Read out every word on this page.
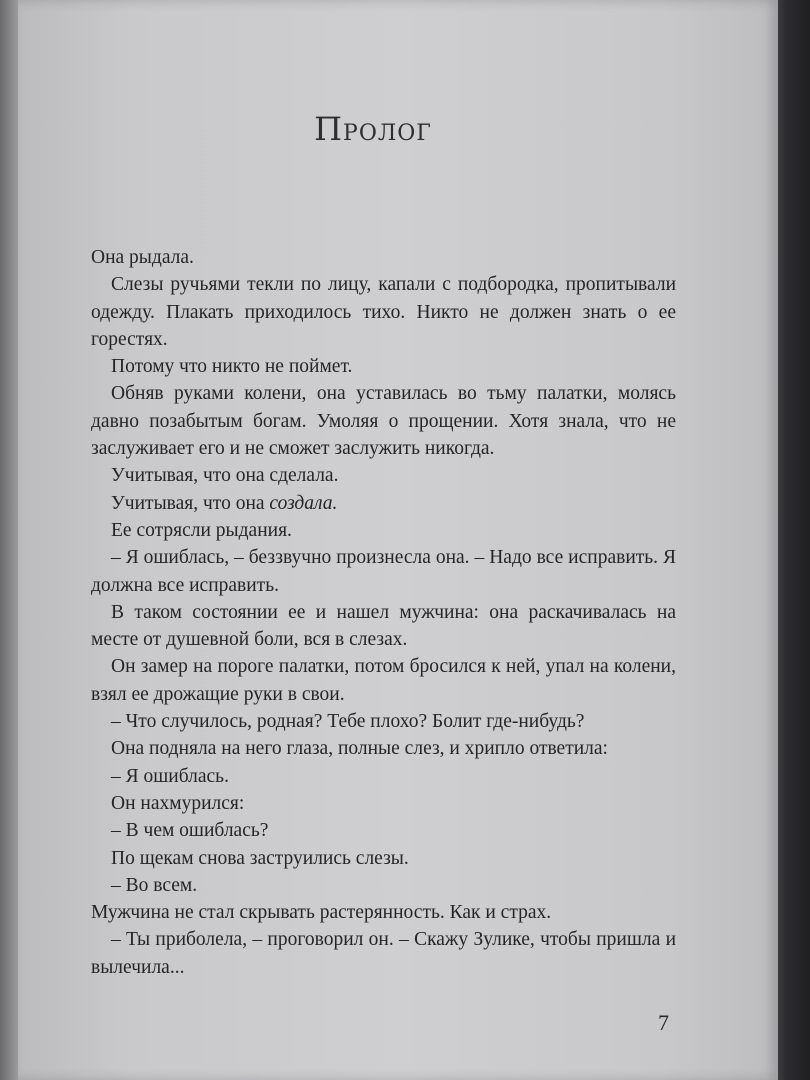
Пролог

Она рыдала.

Слезы ручьями текли по лицу, капали с подбородка, пропитывали одежду. Плакать приходилось тихо. Никто не должен знать о ее горестях.

Потому что никто не поймет.

Обняв руками колени, она уставилась во тьму палатки, молясь давно позабытым богам. Умоляя о прощении. Хотя знала, что не заслуживает его и не сможет заслужить никогда.

Учитывая, что она сделала.

Учитывая, что она создала.

Ее сотрясли рыдания.

– Я ошиблась, – беззвучно произнесла она. – Надо все исправить. Я должна все исправить.

В таком состоянии ее и нашел мужчина: она раскачивалась на месте от душевной боли, вся в слезах.

Он замер на пороге палатки, потом бросился к ней, упал на колени, взял ее дрожащие руки в свои.

– Что случилось, родная? Тебе плохо? Болит где-нибудь?

Она подняла на него глаза, полные слез, и хрипло ответила:

– Я ошиблась.

Он нахмурился:

– В чем ошиблась?

По щекам снова заструились слезы.

– Во всем.

Мужчина не стал скрывать растерянность. Как и страх.

– Ты приболела, – проговорил он. – Скажу Зулике, чтобы пришла и вылечила...

7
